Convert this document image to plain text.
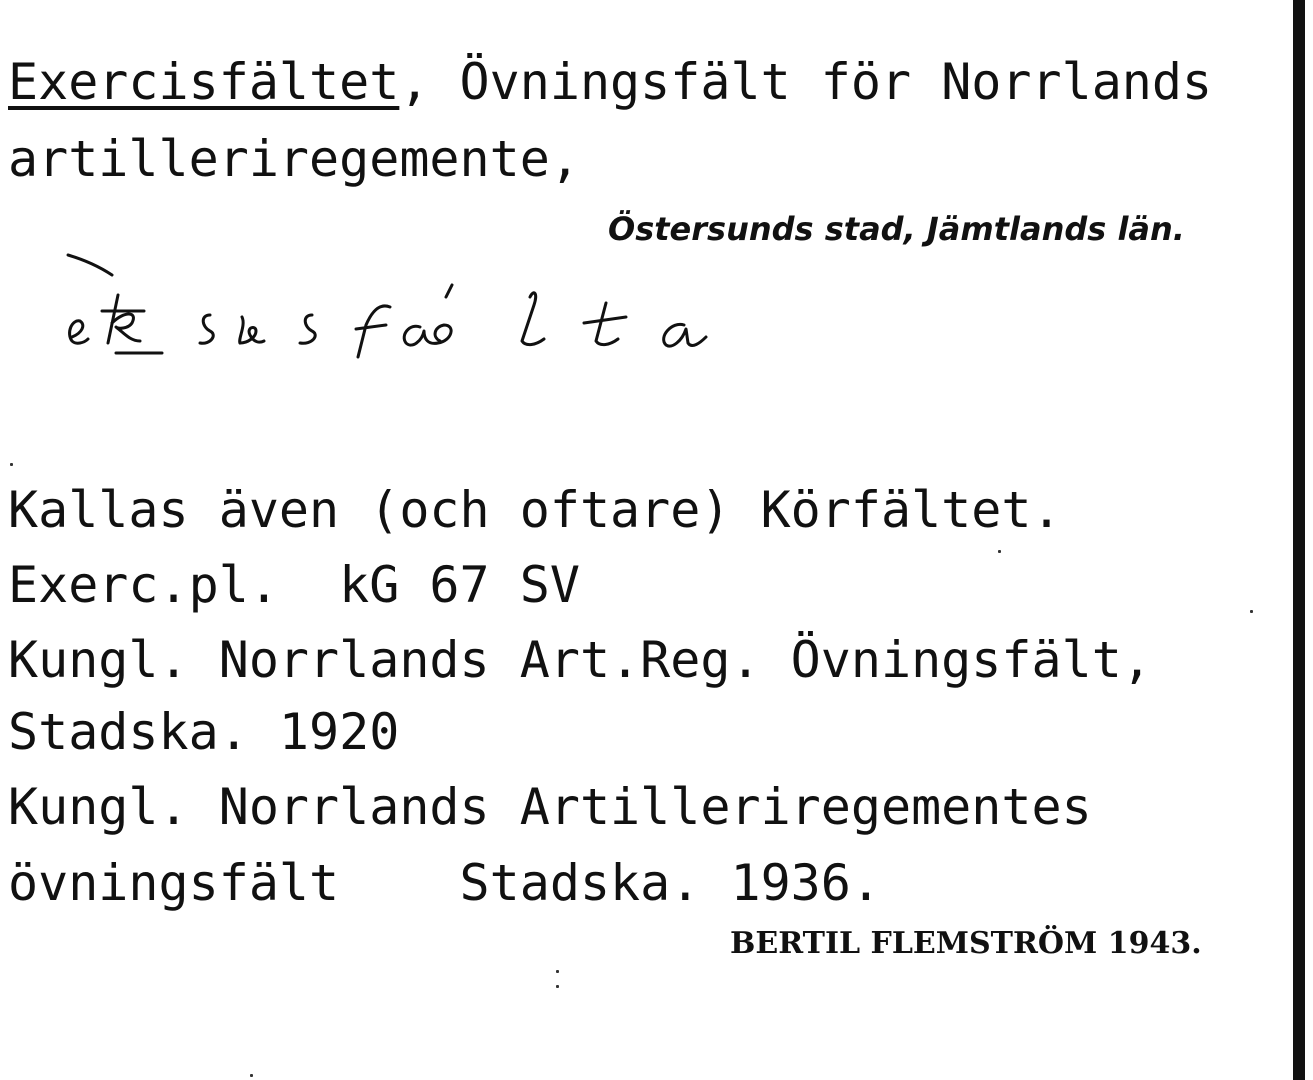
Exercisfältet, Övningsfält för Norrlands
artilleriregemente,
Östersunds stad, Jämtlands län.
Kallas även (och oftare) Körfältet.
Exerc.pl.  kG 67 SV
Kungl. Norrlands Art.Reg. Övningsfält,
Stadska. 1920
Kungl. Norrlands Artilleriregementes
övningsfält    Stadska. 1936.
BERTIL FLEMSTRÖM 1943.
